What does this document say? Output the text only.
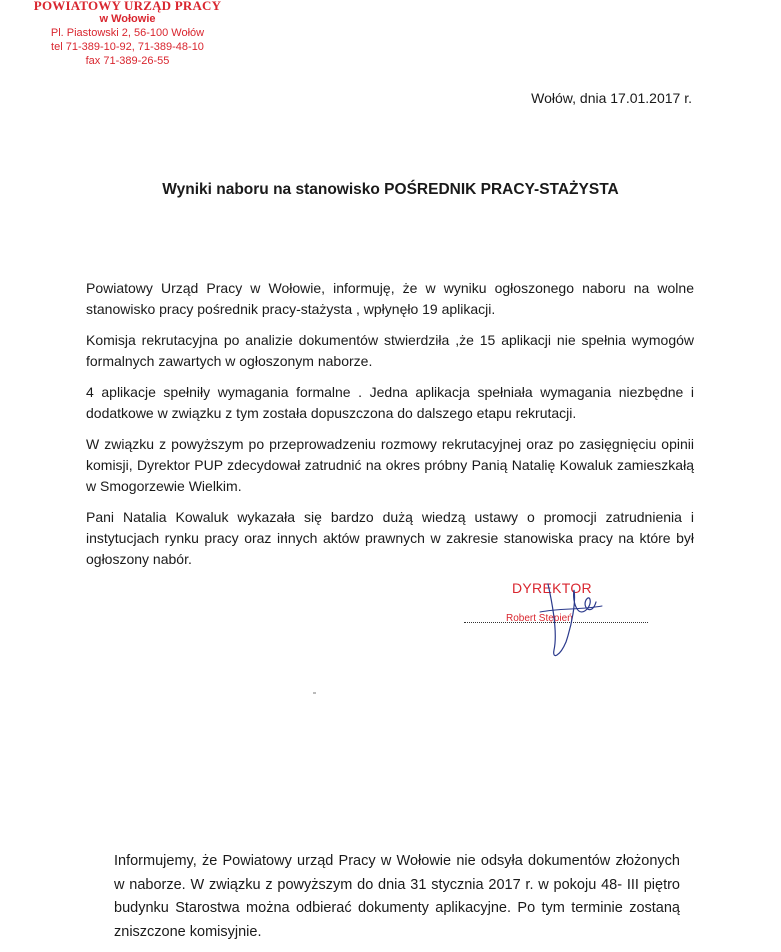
POWIATOWY URZĄD PRACY
w Wołowie
Pl. Piastowski 2, 56-100 Wołów
tel 71-389-10-92, 71-389-48-10
fax 71-389-26-55
Wołów, dnia 17.01.2017 r.
Wyniki naboru na stanowisko POŚREDNIK PRACY-STAŻYSTA

Powiatowy Urząd Pracy w Wołowie, informuję, że w wyniku ogłoszonego naboru na wolne stanowisko pracy pośrednik pracy-stażysta , wpłynęło 19 aplikacji.

Komisja rekrutacyjna po analizie dokumentów stwierdziła ,że 15 aplikacji nie spełnia wymogów formalnych zawartych w ogłoszonym naborze.

4 aplikacje spełniły wymagania formalne . Jedna aplikacja spełniała wymagania niezbędne i dodatkowe w związku z tym została dopuszczona do dalszego etapu rekrutacji.

W związku z powyższym po przeprowadzeniu rozmowy rekrutacyjnej oraz po zasięgnięciu opinii komisji, Dyrektor PUP zdecydował zatrudnić na okres próbny Panią Natalię Kowaluk zamieszkałą w Smogorzewie Wielkim.

Pani Natalia Kowaluk wykazała się bardzo dużą wiedzą ustawy o promocji zatrudnienia i instytucjach rynku pracy oraz innych aktów prawnych w zakresie stanowiska pracy na które był ogłoszony nabór.

DYREKTOR
Robert Stępień
Informujemy, że Powiatowy urząd Pracy w Wołowie nie odsyła dokumentów złożonych w naborze. W związku z powyższym do dnia 31 stycznia 2017 r. w pokoju 48- III piętro budynku Starostwa można odbierać dokumenty aplikacyjne. Po tym terminie zostaną zniszczone komisyjnie.
